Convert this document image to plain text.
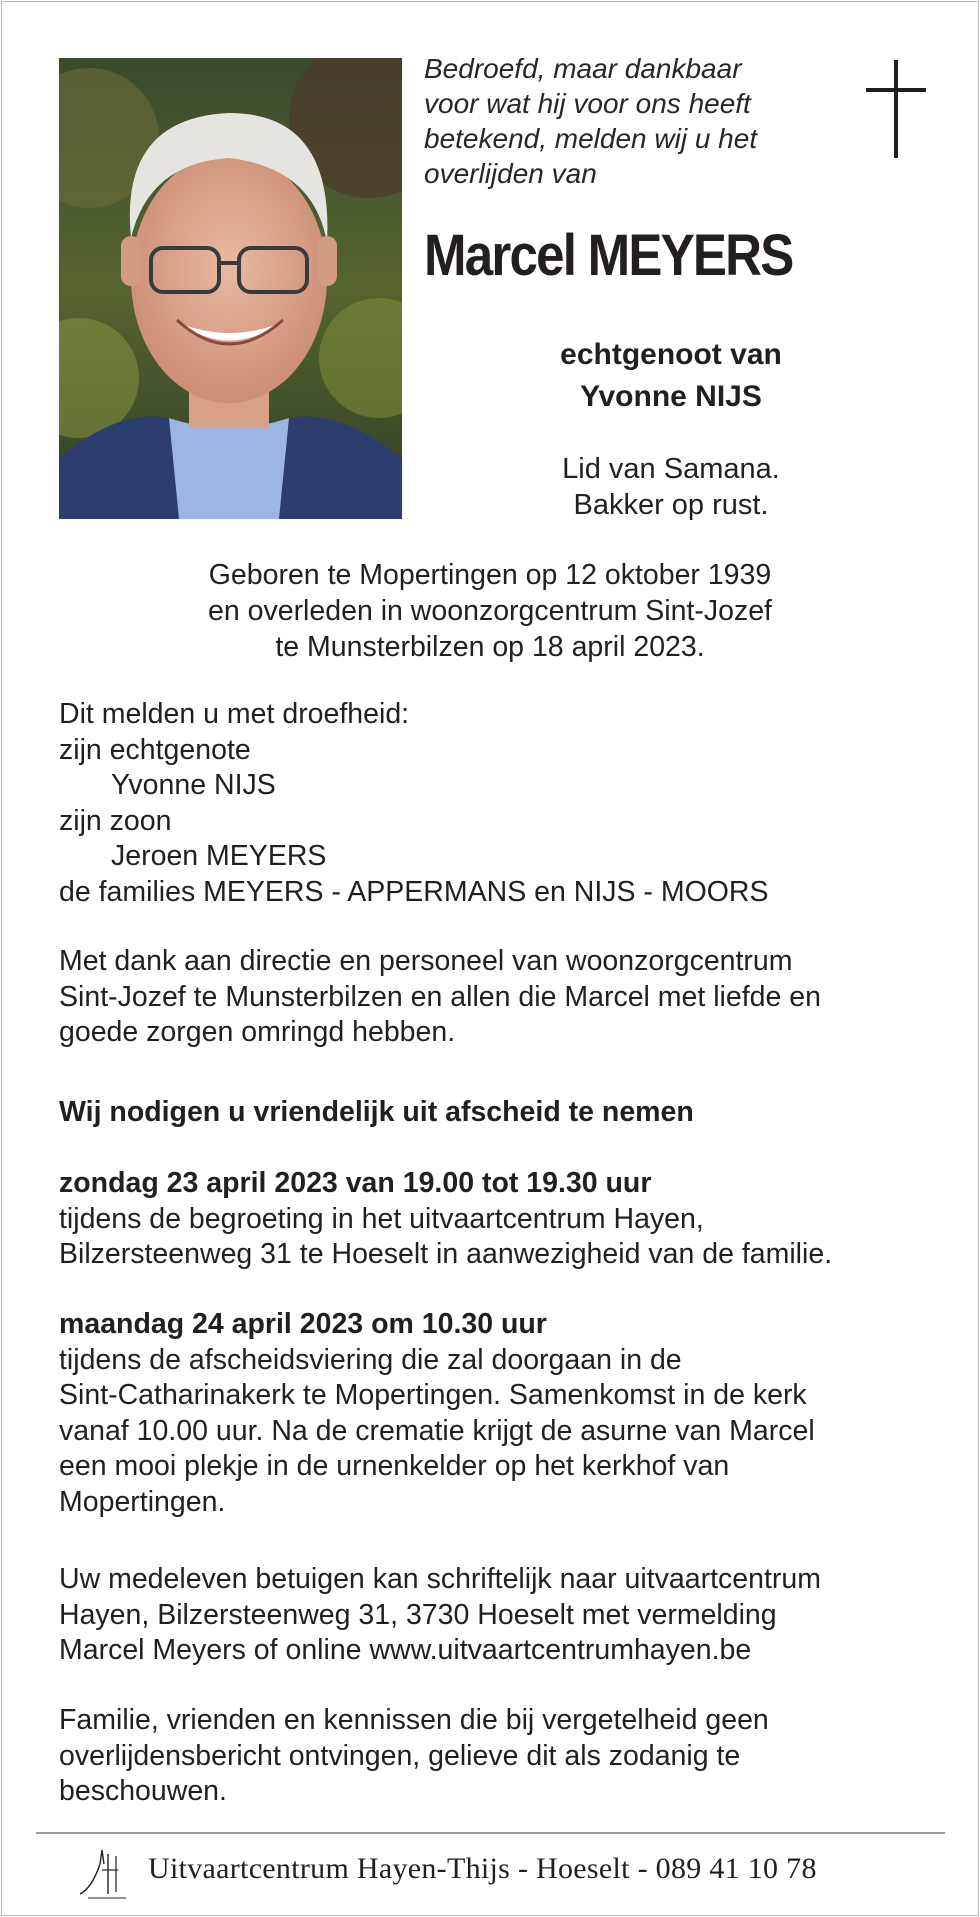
Bedroefd, maar dankbaar
voor wat hij voor ons heeft
betekend, melden wij u het
overlijden van
Marcel MEYERS
echtgenoot van
Yvonne NIJS
Lid van Samana.
Bakker op rust.
Geboren te Mopertingen op 12 oktober 1939
en overleden in woonzorgcentrum Sint-Jozef
te Munsterbilzen op 18 april 2023.
Dit melden u met droefheid:
zijn echtgenote
Yvonne NIJS
zijn zoon
Jeroen MEYERS
de families MEYERS - APPERMANS en NIJS - MOORS
Met dank aan directie en personeel van woonzorgcentrum
Sint-Jozef te Munsterbilzen en allen die Marcel met liefde en
goede zorgen omringd hebben.
Wij nodigen u vriendelijk uit afscheid te nemen
zondag 23 april 2023 van 19.00 tot 19.30 uur
tijdens de begroeting in het uitvaartcentrum Hayen,
Bilzersteenweg 31 te Hoeselt in aanwezigheid van de familie.
maandag 24 april 2023 om 10.30 uur
tijdens de afscheidsviering die zal doorgaan in de
Sint-Catharinakerk te Mopertingen. Samenkomst in de kerk
vanaf 10.00 uur. Na de crematie krijgt de asurne van Marcel
een mooi plekje in de urnenkelder op het kerkhof van
Mopertingen.
Uw medeleven betuigen kan schriftelijk naar uitvaartcentrum
Hayen, Bilzersteenweg 31, 3730 Hoeselt met vermelding
Marcel Meyers of online www.uitvaartcentrumhayen.be
Familie, vrienden en kennissen die bij vergetelheid geen
overlijdensbericht ontvingen, gelieve dit als zodanig te
beschouwen.
Uitvaartcentrum Hayen-Thijs - Hoeselt - 089 41 10 78
